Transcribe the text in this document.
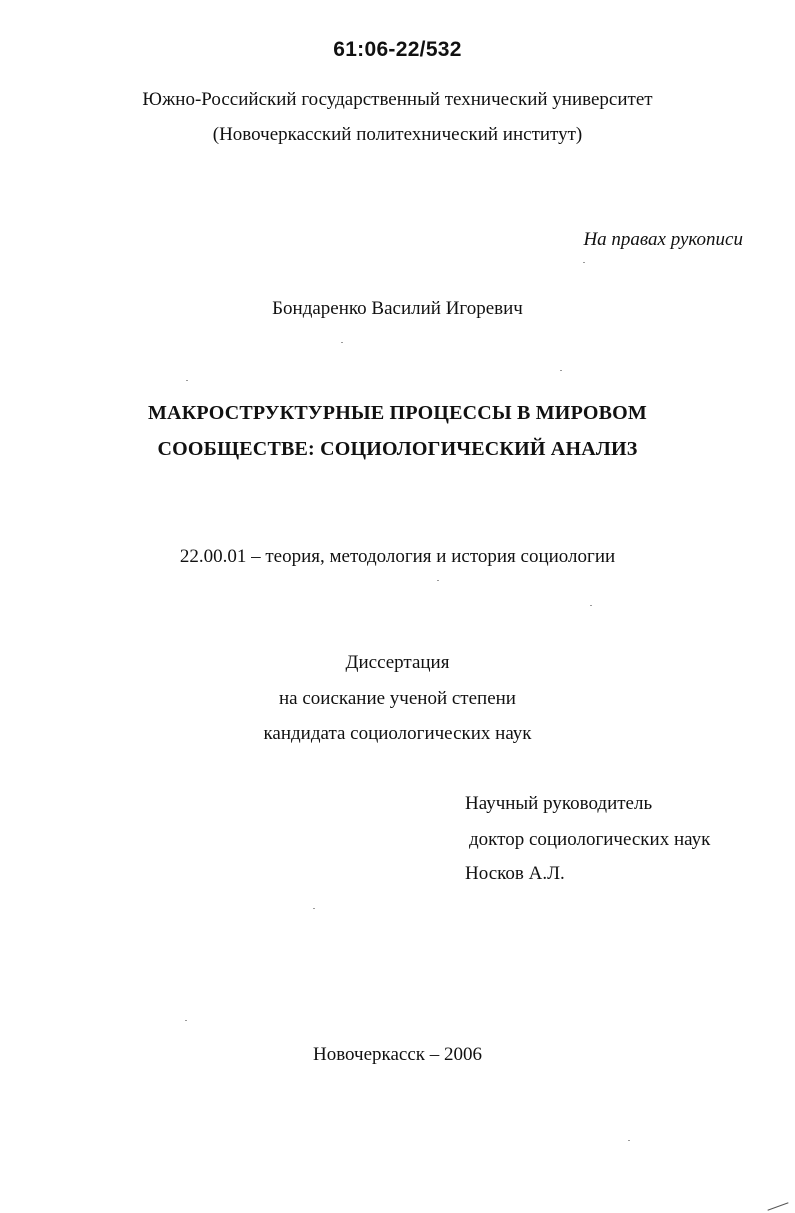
61:06-22/532
Южно-Российский государственный технический университет
(Новочеркасский политехнический институт)
На правах рукописи
Бондаренко Василий Игоревич
МАКРОСТРУКТУРНЫЕ ПРОЦЕССЫ В МИРОВОМ
СООБЩЕСТВЕ: СОЦИОЛОГИЧЕСКИЙ АНАЛИЗ
22.00.01 – теория, методология и история социологии
Диссертация
на соискание ученой степени
кандидата социологических наук
Научный руководитель
доктор социологических наук
Носков А.Л.
Новочеркасск – 2006
